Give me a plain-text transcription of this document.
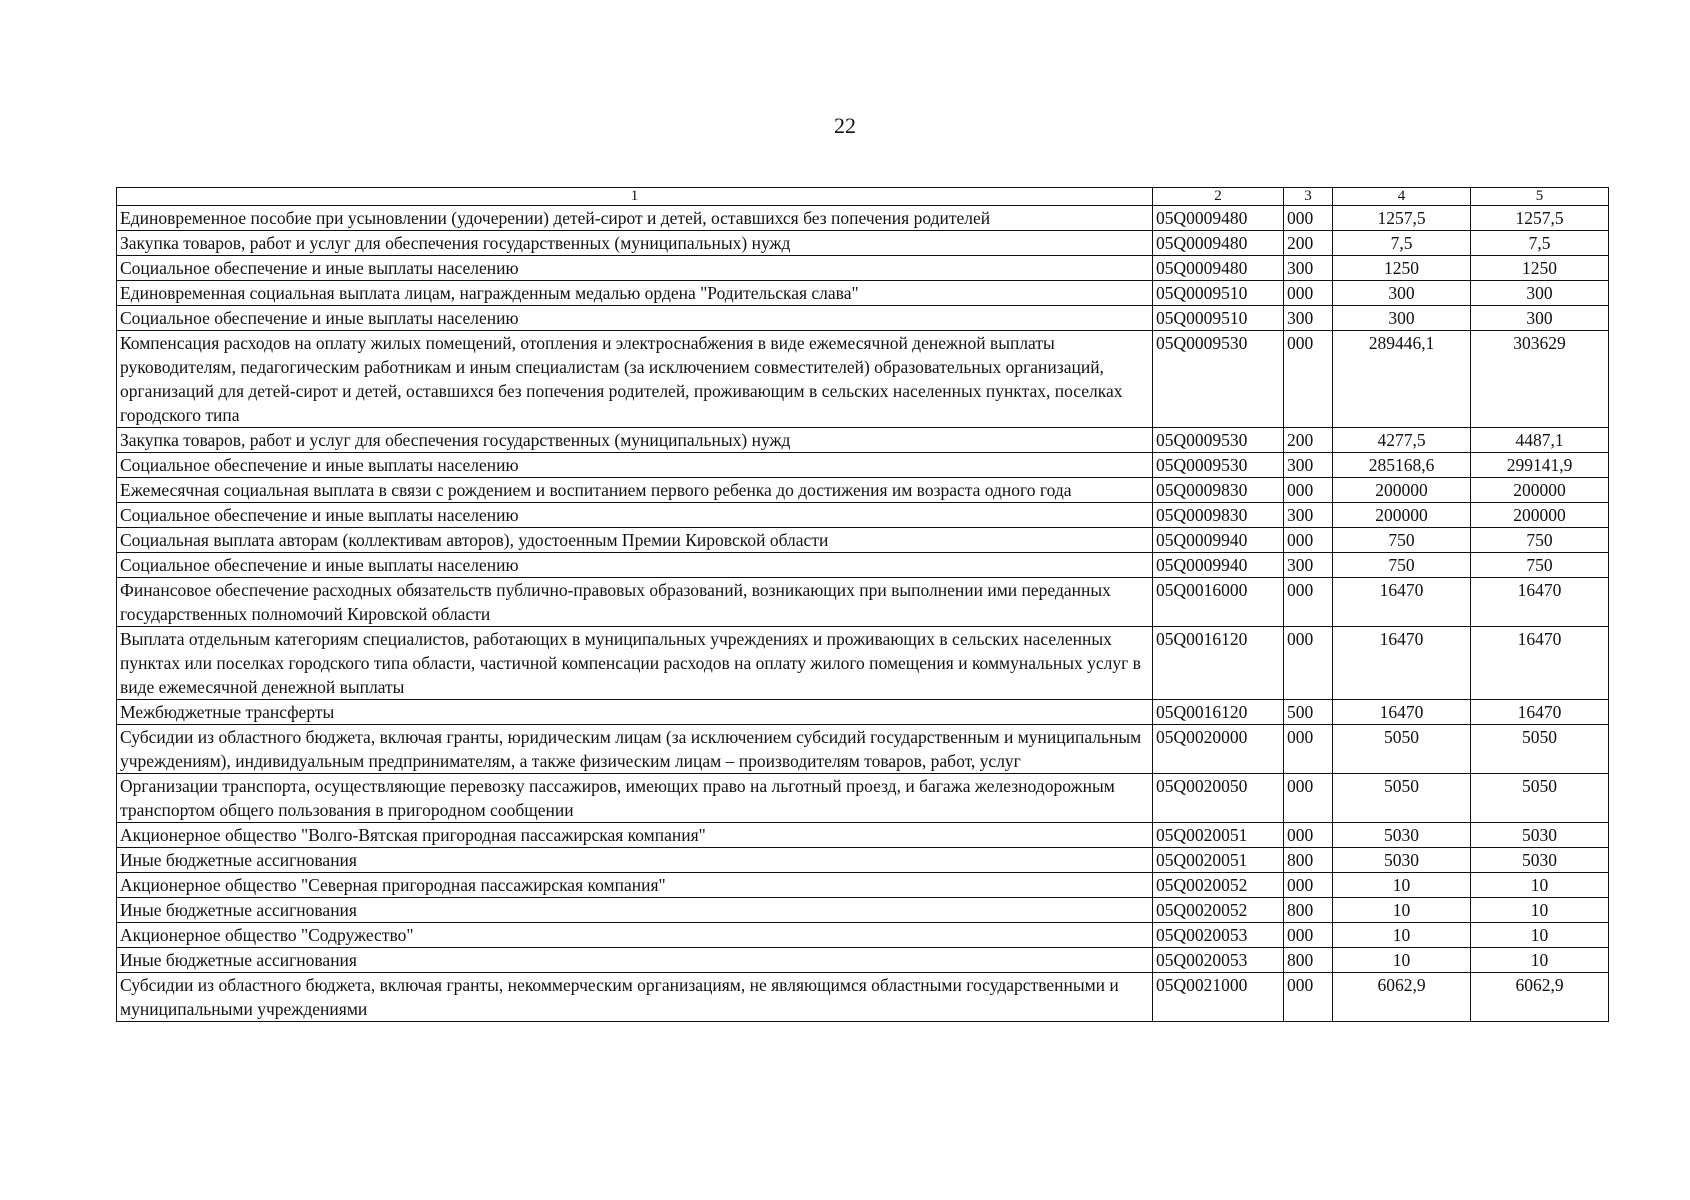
22
1	2	3	4	5
Единовременное пособие при усыновлении (удочерении) детей-сирот и детей, оставшихся без попечения родителей	05Q0009480	000	1257,5	1257,5
Закупка товаров, работ и услуг для обеспечения государственных (муниципальных) нужд	05Q0009480	200	7,5	7,5
Социальное обеспечение и иные выплаты населению	05Q0009480	300	1250	1250
Единовременная социальная выплата лицам, награжденным медалью ордена "Родительская слава"	05Q0009510	000	300	300
Социальное обеспечение и иные выплаты населению	05Q0009510	300	300	300
Компенсация расходов на оплату жилых помещений, отопления и электроснабжения в виде ежемесячной денежной выплаты руководителям, педагогическим работникам и иным специалистам (за исключением совместителей) образовательных организаций, организаций для детей-сирот и детей, оставшихся без попечения родителей, проживающим в сельских населенных пунктах, поселках городского типа	05Q0009530	000	289446,1	303629
Закупка товаров, работ и услуг для обеспечения государственных (муниципальных) нужд	05Q0009530	200	4277,5	4487,1
Социальное обеспечение и иные выплаты населению	05Q0009530	300	285168,6	299141,9
Ежемесячная социальная выплата в связи с рождением и воспитанием первого ребенка до достижения им возраста одного года	05Q0009830	000	200000	200000
Социальное обеспечение и иные выплаты населению	05Q0009830	300	200000	200000
Социальная выплата авторам (коллективам авторов), удостоенным Премии Кировской области	05Q0009940	000	750	750
Социальное обеспечение и иные выплаты населению	05Q0009940	300	750	750
Финансовое обеспечение расходных обязательств публично-правовых образований, возникающих при выполнении ими переданных государственных полномочий Кировской области	05Q0016000	000	16470	16470
Выплата отдельным категориям специалистов, работающих в муниципальных учреждениях и проживающих в сельских населенных пунктах или поселках городского типа области, частичной компенсации расходов на оплату жилого помещения и коммунальных услуг в виде ежемесячной денежной выплаты	05Q0016120	000	16470	16470
Межбюджетные трансферты	05Q0016120	500	16470	16470
Субсидии из областного бюджета, включая гранты, юридическим лицам (за исключением субсидий государственным и муниципальным учреждениям), индивидуальным предпринимателям, а также физическим лицам – производителям товаров, работ, услуг	05Q0020000	000	5050	5050
Организации транспорта, осуществляющие перевозку пассажиров, имеющих право на льготный проезд, и багажа железнодорожным транспортом общего пользования в пригородном сообщении	05Q0020050	000	5050	5050
Акционерное общество "Волго-Вятская пригородная пассажирская компания"	05Q0020051	000	5030	5030
Иные бюджетные ассигнования	05Q0020051	800	5030	5030
Акционерное общество "Северная пригородная пассажирская компания"	05Q0020052	000	10	10
Иные бюджетные ассигнования	05Q0020052	800	10	10
Акционерное общество "Содружество"	05Q0020053	000	10	10
Иные бюджетные ассигнования	05Q0020053	800	10	10
Субсидии из областного бюджета, включая гранты, некоммерческим организациям, не являющимся областными государственными и муниципальными учреждениями	05Q0021000	000	6062,9	6062,9
